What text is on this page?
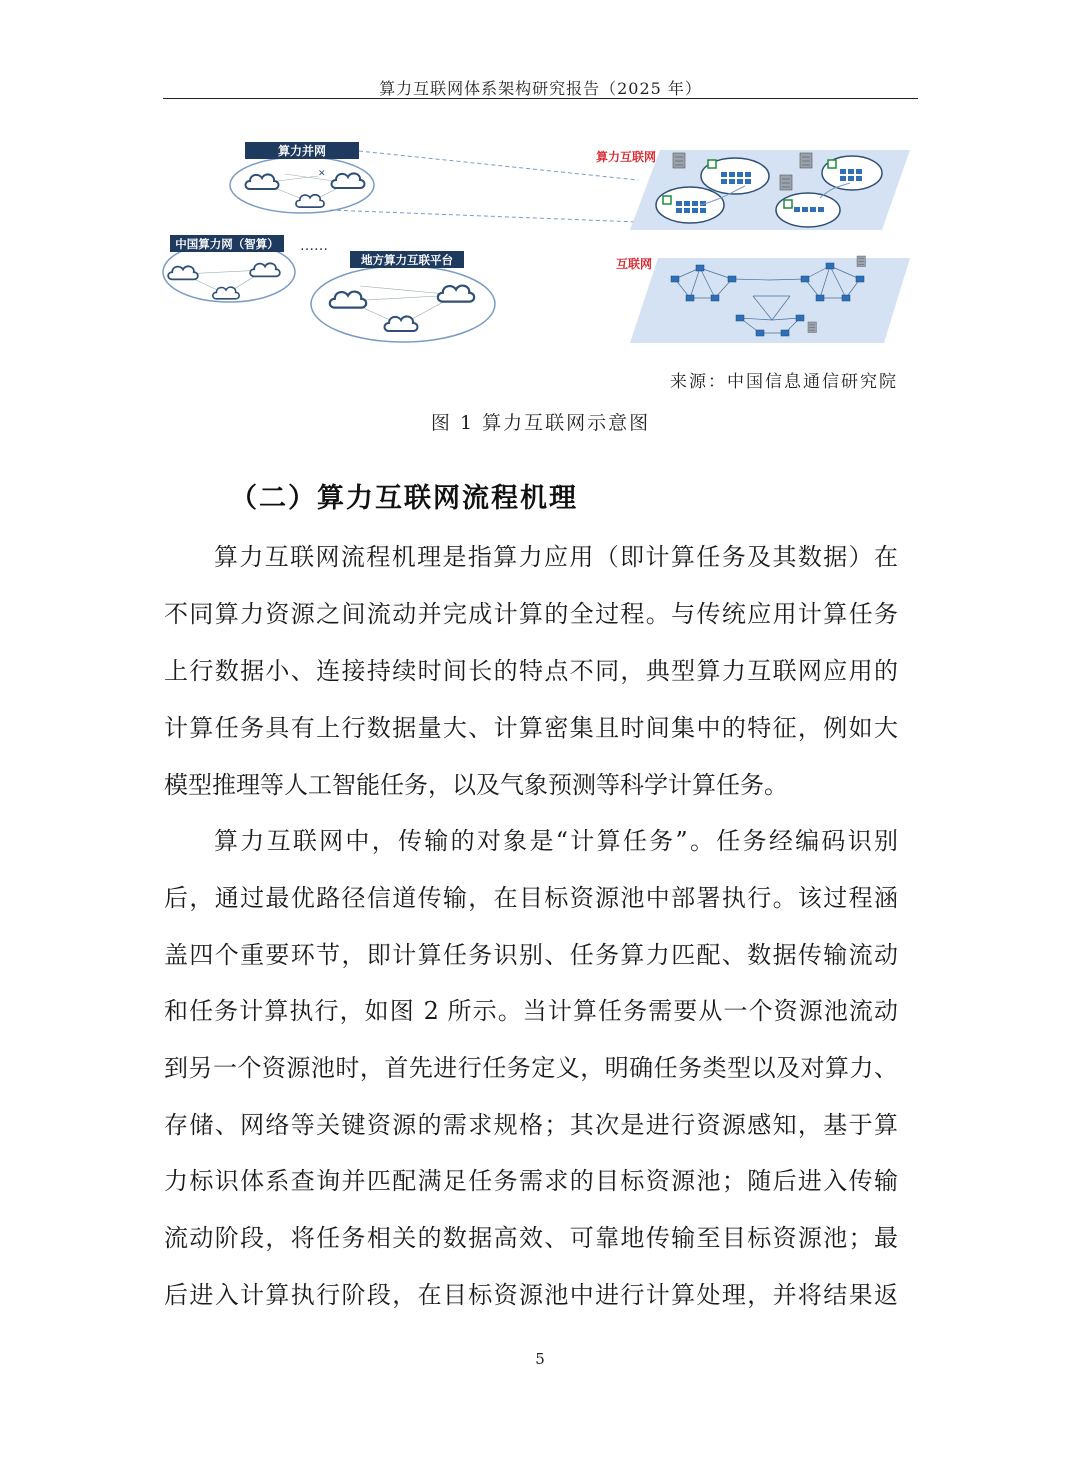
算力互联网体系架构研究报告（2025 年）
✕
算力并网
中国算力网（智算） ……
地方算力互联平台
算力互联网
互联网
来源：中国信息通信研究院
图 1 算力互联网示意图
（二）算力互联网流程机理
算力互联网流程机理是指算力应用（即计算任务及其数据）在
不同算力资源之间流动并完成计算的全过程。与传统应用计算任务
上行数据小、连接持续时间长的特点不同，典型算力互联网应用的
计算任务具有上行数据量大、计算密集且时间集中的特征，例如大
模型推理等人工智能任务，以及气象预测等科学计算任务。
算力互联网中，传输的对象是“计算任务”。任务经编码识别
后，通过最优路径信道传输，在目标资源池中部署执行。该过程涵
盖四个重要环节，即计算任务识别、任务算力匹配、数据传输流动
和任务计算执行，如图 2 所示。当计算任务需要从一个资源池流动
到另一个资源池时，首先进行任务定义，明确任务类型以及对算力、
存储、网络等关键资源的需求规格；其次是进行资源感知，基于算
力标识体系查询并匹配满足任务需求的目标资源池；随后进入传输
流动阶段，将任务相关的数据高效、可靠地传输至目标资源池；最
后进入计算执行阶段，在目标资源池中进行计算处理，并将结果返
5
